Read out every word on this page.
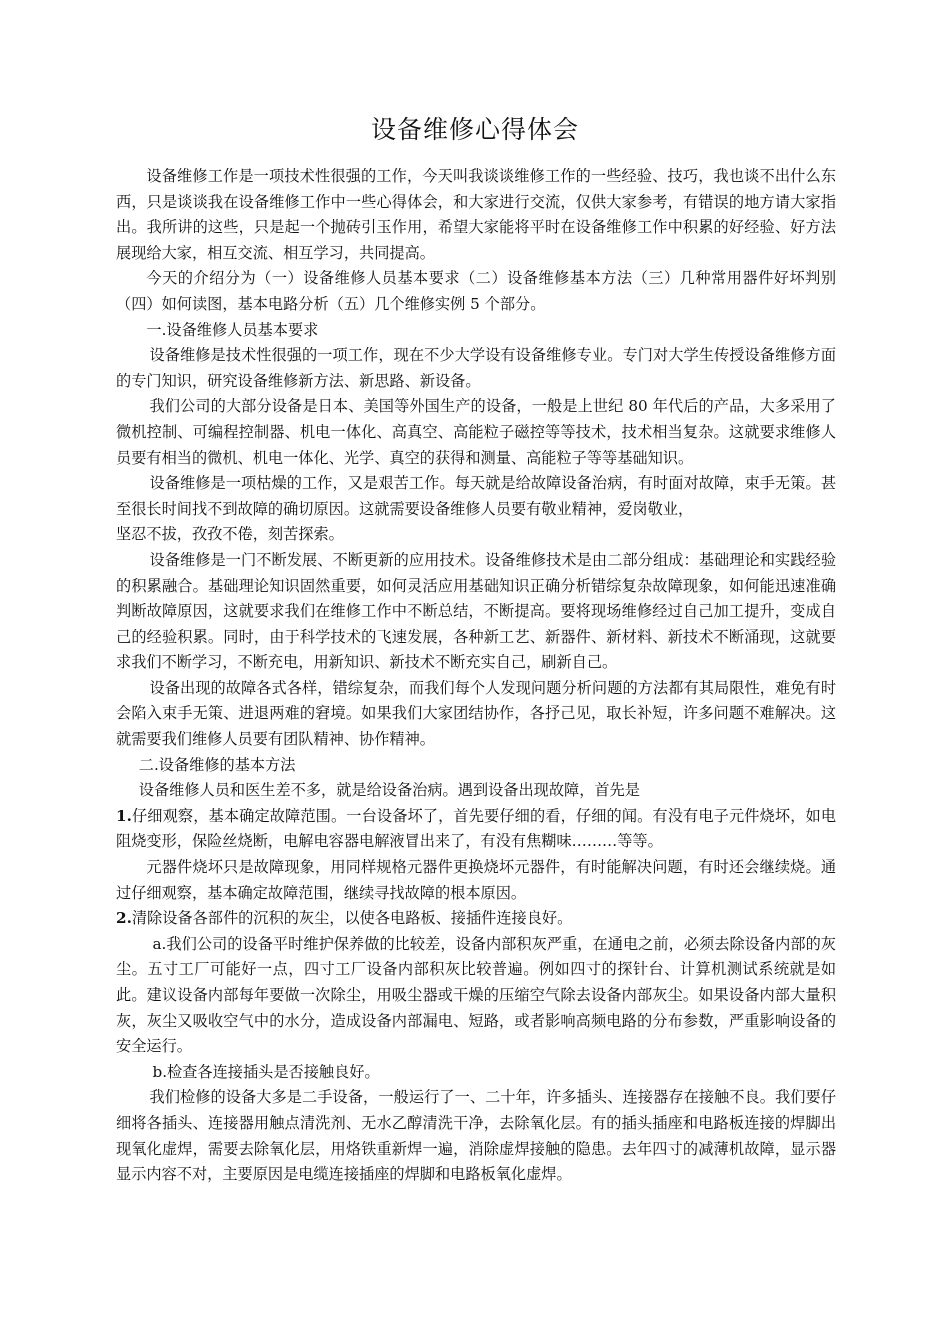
设备维修心得体会

设备维修工作是一项技术性很强的工作，今天叫我谈谈维修工作的一些经验、技巧，我也谈不出什么东西，只是谈谈我在设备维修工作中一些心得体会，和大家进行交流，仅供大家参考，有错误的地方请大家指出。我所讲的这些，只是起一个抛砖引玉作用，希望大家能将平时在设备维修工作中积累的好经验、好方法展现给大家，相互交流、相互学习，共同提高。

今天的介绍分为（一）设备维修人员基本要求（二）设备维修基本方法（三）几种常用器件好坏判别（四）如何读图，基本电路分析（五）几个维修实例 5 个部分。

一.设备维修人员基本要求

设备维修是技术性很强的一项工作，现在不少大学设有设备维修专业。专门对大学生传授设备维修方面的专门知识，研究设备维修新方法、新思路、新设备。

我们公司的大部分设备是日本、美国等外国生产的设备，一般是上世纪 80 年代后的产品，大多采用了微机控制、可编程控制器、机电一体化、高真空、高能粒子磁控等等技术，技术相当复杂。这就要求维修人员要有相当的微机、机电一体化、光学、真空的获得和测量、高能粒子等等基础知识。

设备维修是一项枯燥的工作，又是艰苦工作。每天就是给故障设备治病，有时面对故障，束手无策。甚至很长时间找不到故障的确切原因。这就需要设备维修人员要有敬业精神，爱岗敬业，

坚忍不拔，孜孜不倦，刻苦探索。

设备维修是一门不断发展、不断更新的应用技术。设备维修技术是由二部分组成：基础理论和实践经验的积累融合。基础理论知识固然重要，如何灵活应用基础知识正确分析错综复杂故障现象，如何能迅速准确判断故障原因，这就要求我们在维修工作中不断总结，不断提高。要将现场维修经过自己加工提升，变成自己的经验积累。同时，由于科学技术的飞速发展，各种新工艺、新器件、新材料、新技术不断涌现，这就要求我们不断学习，不断充电，用新知识、新技术不断充实自己，刷新自己。

设备出现的故障各式各样，错综复杂，而我们每个人发现问题分析问题的方法都有其局限性，难免有时会陷入束手无策、进退两难的窘境。如果我们大家团结协作，各抒己见，取长补短，许多问题不难解决。这就需要我们维修人员要有团队精神、协作精神。

二.设备维修的基本方法

设备维修人员和医生差不多，就是给设备治病。遇到设备出现故障，首先是

1.仔细观察，基本确定故障范围。一台设备坏了，首先要仔细的看，仔细的闻。有没有电子元件烧坏，如电阻烧变形，保险丝烧断，电解电容器电解液冒出来了，有没有焦糊味………等等。

元器件烧坏只是故障现象，用同样规格元器件更换烧坏元器件，有时能解决问题，有时还会继续烧。通过仔细观察，基本确定故障范围，继续寻找故障的根本原因。

2.清除设备各部件的沉积的灰尘，以使各电路板、接插件连接良好。

a.我们公司的设备平时维护保养做的比较差，设备内部积灰严重，在通电之前，必须去除设备内部的灰尘。五寸工厂可能好一点，四寸工厂设备内部积灰比较普遍。例如四寸的探针台、计算机测试系统就是如此。建议设备内部每年要做一次除尘，用吸尘器或干燥的压缩空气除去设备内部灰尘。如果设备内部大量积灰，灰尘又吸收空气中的水分，造成设备内部漏电、短路，或者影响高频电路的分布参数，严重影响设备的安全运行。

b.检查各连接插头是否接触良好。

我们检修的设备大多是二手设备，一般运行了一、二十年，许多插头、连接器存在接触不良。我们要仔细将各插头、连接器用触点清洗剂、无水乙醇清洗干净，去除氧化层。有的插头插座和电路板连接的焊脚出现氧化虚焊，需要去除氧化层，用烙铁重新焊一遍，消除虚焊接触的隐患。去年四寸的减薄机故障，显示器显示内容不对，主要原因是电缆连接插座的焊脚和电路板氧化虚焊。
